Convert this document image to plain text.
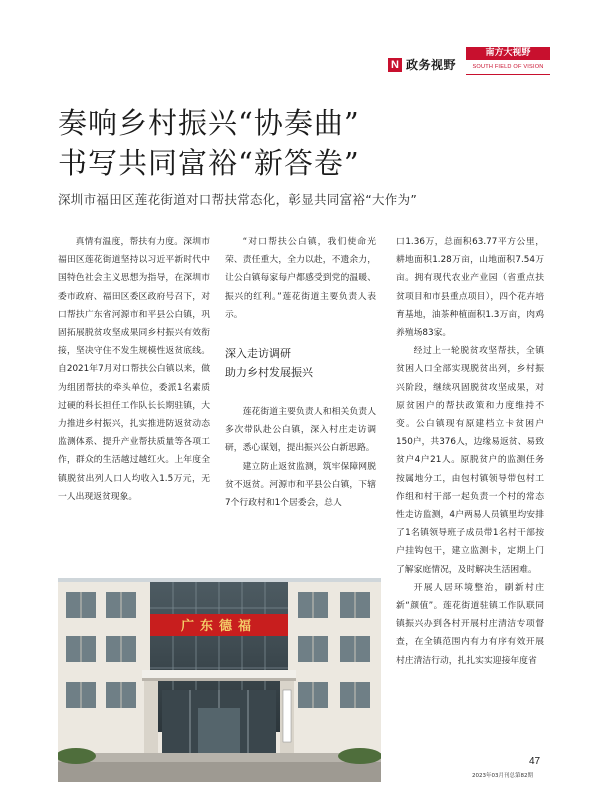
N 政务视野
南方大视野
SOUTH FIELD OF VISION
奏响乡村振兴“协奏曲”
书写共同富裕“新答卷”
深圳市福田区莲花街道对口帮扶常态化，彰显共同富裕“大作为”

真情有温度，帮扶有力度。深圳市福田区莲花街道坚持以习近平新时代中国特色社会主义思想为指导，在深圳市委市政府、福田区委区政府号召下，对口帮扶广东省河源市和平县公白镇，巩固拓展脱贫攻坚成果同乡村振兴有效衔接，坚决守住不发生规模性返贫底线。自2021年7月对口帮扶公白镇以来，做为组团帮扶的牵头单位，委派1名素质过硬的科长担任工作队长长期驻镇，大力推进乡村振兴，扎实推进防返贫动态监测体系、提升产业帮扶质量等各项工作，群众的生活越过越红火。上年度全镇脱贫出列人口人均收入1.5万元，无一人出现返贫现象。

“对口帮扶公白镇，我们使命光荣、责任重大，全力以赴，不遗余力，让公白镇每家每户都感受到党的温暖、振兴的红利。”莲花街道主要负责人表示。

深入走访调研
助力乡村发展振兴

莲花街道主要负责人和相关负责人多次带队赴公白镇，深入村庄走访调研，悉心谋划，提出振兴公白新思路。

建立防止返贫监测，筑牢保障网脱贫不返贫。河源市和平县公白镇，下辖7个行政村和1个居委会，总人

口1.36万，总面积63.77平方公里，耕地面积1.28万亩，山地面积7.54万亩。拥有现代农业产业园（省重点扶贫项目和市县重点项目），四个花卉培育基地，油茶种植面积1.3万亩，肉鸡养殖场83家。

经过上一轮脱贫攻坚帮扶，全镇贫困人口全部实现脱贫出列，乡村振兴阶段，继续巩固脱贫攻坚成果，对原贫困户的帮扶政策和力度维持不变。公白镇现有原建档立卡贫困户150户，共376人，边缘易返贫、易致贫户4户21人。原脱贫户的监测任务按属地分工，由包村镇领导带包村工作组和村干部一起负责一个村的常态性走访监测，4户两易人员镇里均安排了1名镇领导班子成员带1名村干部按户挂钩包干，建立监测卡，定期上门了解家庭情况，及时解决生活困难。

开展人居环境整治，刷新村庄新“颜值”。莲花街道驻镇工作队联同镇振兴办到各村开展村庄清洁专项督查，在全镇范围内有力有序有效开展村庄清洁行动，扎扎实实迎接年度省

广东德福
47
2023年03月刊总第82期
